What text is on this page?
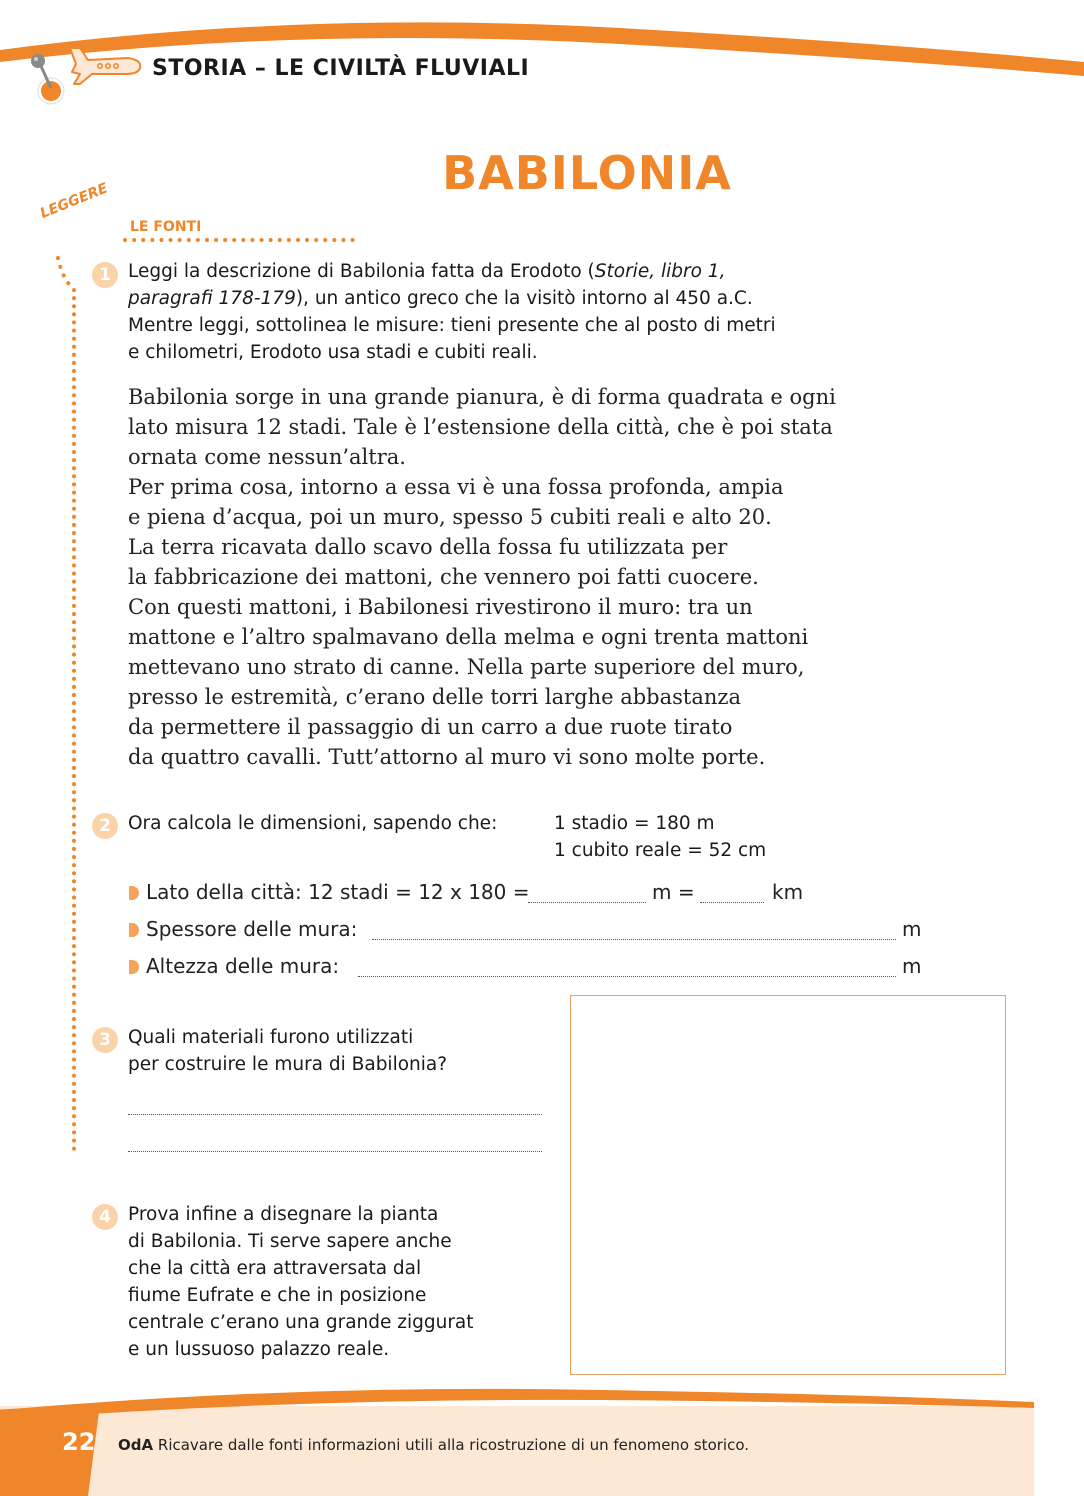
STORIA – LE CIVILTÀ FLUVIALI
BABILONIA
LEGGERE
LE FONTI
1 Leggi la descrizione di Babilonia fatta da Erodoto (Storie, libro 1,
paragrafi 178-179), un antico greco che la visitò intorno al 450 a.C.
Mentre leggi, sottolinea le misure: tieni presente che al posto di metri
e chilometri, Erodoto usa stadi e cubiti reali.

Babilonia sorge in una grande pianura, è di forma quadrata e ogni

lato misura 12 stadi. Tale è l’estensione della città, che è poi stata

ornata come nessun’altra.

Per prima cosa, intorno a essa vi è una fossa profonda, ampia

e piena d’acqua, poi un muro, spesso 5 cubiti reali e alto 20.

La terra ricavata dallo scavo della fossa fu utilizzata per

la fabbricazione dei mattoni, che vennero poi fatti cuocere.

Con questi mattoni, i Babilonesi rivestirono il muro: tra un

mattone e l’altro spalmavano della melma e ogni trenta mattoni

mettevano uno strato di canne. Nella parte superiore del muro,

presso le estremità, c’erano delle torri larghe abbastanza

da permettere il passaggio di un carro a due ruote tirato

da quattro cavalli. Tutt’attorno al muro vi sono molte porte.

2 Ora calcola le dimensioni, sapendo che:	1 stadio = 180 m
1 cubito reale = 52 cm
Lato della città: 12 stadi = 12 x 180 =	m =	km
Spessore delle mura:	m
Altezza delle mura:	m
3 Quali materiali furono utilizzati
per costruire le mura di Babilonia?
4 Prova infine a disegnare la pianta
di Babilonia. Ti serve sapere anche
che la città era attraversata dal
fiume Eufrate e che in posizione
centrale c’erano una grande ziggurat
e un lussuoso palazzo reale.
22 OdA Ricavare dalle fonti informazioni utili alla ricostruzione di un fenomeno storico.
